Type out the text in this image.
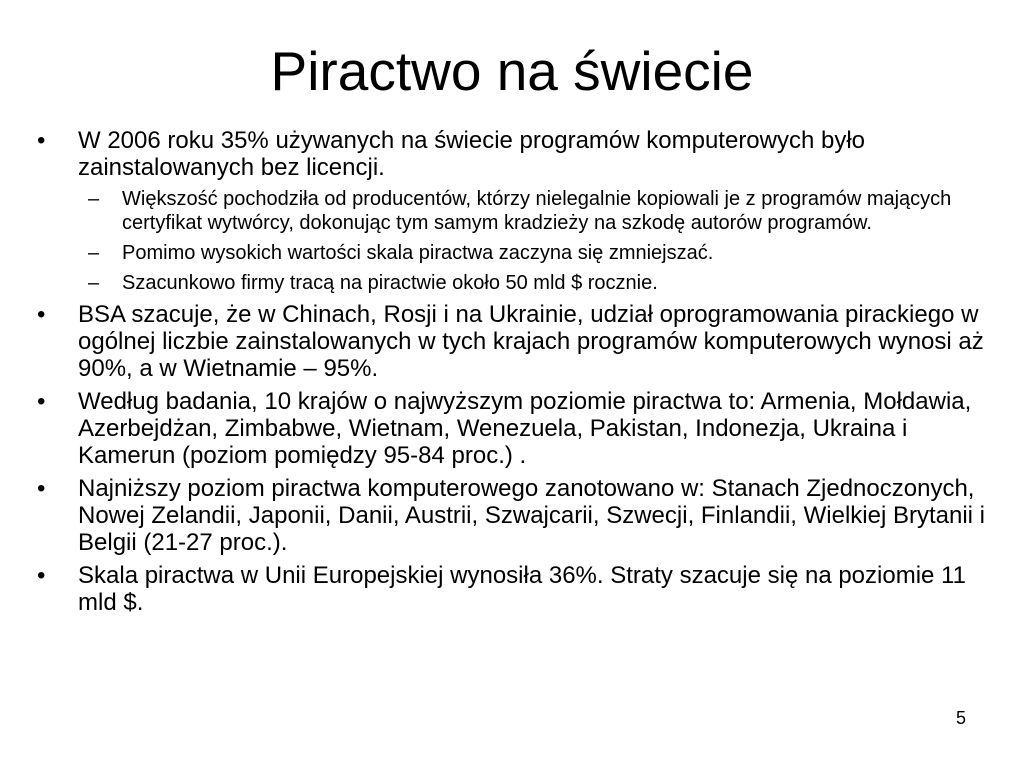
Piractwo na świecie
•	W 2006 roku 35% używanych na świecie programów komputerowych było zainstalowanych bez licencji.
–	Większość pochodziła od producentów, którzy nielegalnie kopiowali je z programów mających certyfikat wytwórcy, dokonując tym samym kradzieży na szkodę autorów programów.
–	Pomimo wysokich wartości skala piractwa zaczyna się zmniejszać.
–	Szacunkowo firmy tracą na piractwie około 50 mld $ rocznie.
•	BSA szacuje, że w Chinach, Rosji i na Ukrainie, udział oprogramowania pirackiego w ogólnej liczbie zainstalowanych w tych krajach programów komputerowych wynosi aż 90%, a w Wietnamie – 95%.
•	Według badania, 10 krajów o najwyższym poziomie piractwa to: Armenia, Mołdawia, Azerbejdżan, Zimbabwe, Wietnam, Wenezuela, Pakistan, Indonezja, Ukraina i Kamerun (poziom pomiędzy 95-84 proc.) .
•	Najniższy poziom piractwa komputerowego zanotowano w: Stanach Zjednoczonych, Nowej Zelandii, Japonii, Danii, Austrii, Szwajcarii, Szwecji, Finlandii, Wielkiej Brytanii i Belgii (21-27 proc.).
•	Skala piractwa w Unii Europejskiej wynosiła 36%. Straty szacuje się na poziomie 11 mld $.
5
